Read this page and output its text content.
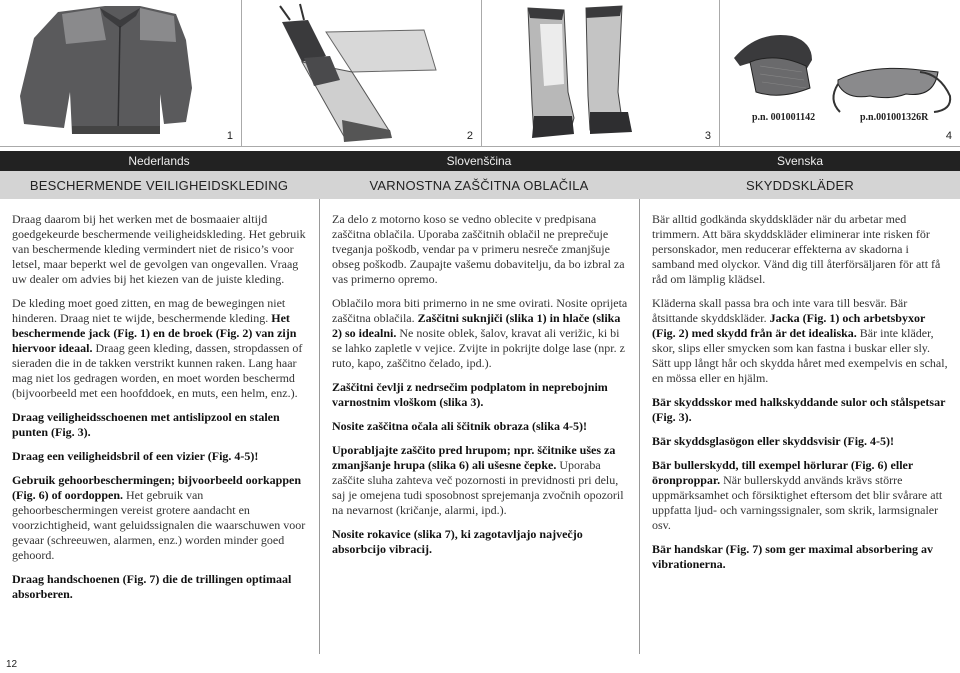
1	2	3
p.n. 001001142	p.n.001001326R
4
Nederlands	Slovenščina	Svenska
BESCHERMENDE VEILIGHEIDSKLEDING	VARNOSTNA ZAŠČITNA OBLAČILA	SKYDDSKLÄDER

Draag daarom bij het werken met de bosmaaier altijd goedgekeurde beschermende veiligheidskleding. Het gebruik van beschermende kleding vermindert niet de risico’s voor letsel, maar beperkt wel de gevolgen van ongevallen. Vraag uw dealer om advies bij het kiezen van de juiste kleding.

De kleding moet goed zitten, en mag de bewegingen niet hinderen. Draag niet te wijde, beschermende kleding. Het beschermende jack (Fig. 1) en de broek (Fig. 2) van zijn hiervoor ideaal. Draag geen kleding, dassen, stropdassen of sieraden die in de takken verstrikt kunnen raken. Lang haar mag niet los gedragen worden, en moet worden beschermd (bijvoorbeeld met een hoofddoek, en muts, een helm, enz.).

Draag veiligheidsschoenen met antislipzool en stalen punten (Fig. 3).

Draag een veiligheidsbril of een vizier (Fig. 4-5)!

Gebruik gehoorbeschermingen; bijvoorbeeld oorkappen (Fig. 6) of oordoppen. Het gebruik van gehoorbeschermingen vereist grotere aandacht en voorzichtigheid, want geluidssignalen die waarschuwen voor gevaar (schreeuwen, alarmen, enz.) worden minder goed gehoord.

Draag handschoenen (Fig. 7) die de trillingen optimaal absorberen.

Za delo z motorno koso se vedno oblecite v predpisana zaščitna oblačila. Uporaba zaščitnih oblačil ne preprečuje tveganja poškodb, vendar pa v primeru nesreče zmanjšuje obseg poškodb. Zaupajte vašemu dobavitelju, da bo izbral za vas primerno opremo.

Oblačilo mora biti primerno in ne sme ovirati. Nosite oprijeta zaščitna oblačila. Zaščitni suknjiči (slika 1) in hlače (slika 2) so idealni. Ne nosite oblek, šalov, kravat ali verižic, ki bi se lahko zapletle v vejice. Zvijte in pokrijte dolge lase (npr. z ruto, kapo, zaščitno čelado, ipd.).

Zaščitni čevlji z nedrsečim podplatom in neprebojnim varnostnim vloškom (slika 3).

Nosite zaščitna očala ali ščitnik obraza (slika 4-5)!

Uporabljajte zaščito pred hrupom; npr. ščitnike ušes za zmanjšanje hrupa (slika 6) ali ušesne čepke. Uporaba zaščite sluha zahteva več pozornosti in previdnosti pri delu, saj je omejena tudi sposobnost sprejemanja zvočnih opozoril na nevarnost (kričanje, alarmi, ipd.).

Nosite rokavice (slika 7), ki zagotavljajo največjo absorbcijo vibracij.

Bär alltid godkända skyddskläder när du arbetar med trimmern. Att bära skyddskläder eliminerar inte risken för personskador, men reducerar effekterna av skadorna i samband med olyckor. Vänd dig till återförsäljaren för att få råd om lämplig klädsel.

Kläderna skall passa bra och inte vara till besvär. Bär åtsittande skyddskläder. Jacka (Fig. 1) och arbetsbyxor (Fig. 2) med skydd från är det idealiska. Bär inte kläder, skor, slips eller smycken som kan fastna i buskar eller sly. Sätt upp långt hår och skydda håret med exempelvis en schal, en mössa eller en hjälm.

Bär skyddsskor med halkskyddande sulor och stålspetsar (Fig. 3).

Bär skyddsglasögon eller skyddsvisir (Fig. 4-5)!

Bär bullerskydd, till exempel hörlurar (Fig. 6) eller öronproppar. När bullerskydd används krävs större uppmärksamhet och försiktighet eftersom det blir svårare att uppfatta ljud- och varningssignaler, som skrik, larmsignaler osv.

Bär handskar (Fig. 7) som ger maximal absorbering av vibrationerna.

12
